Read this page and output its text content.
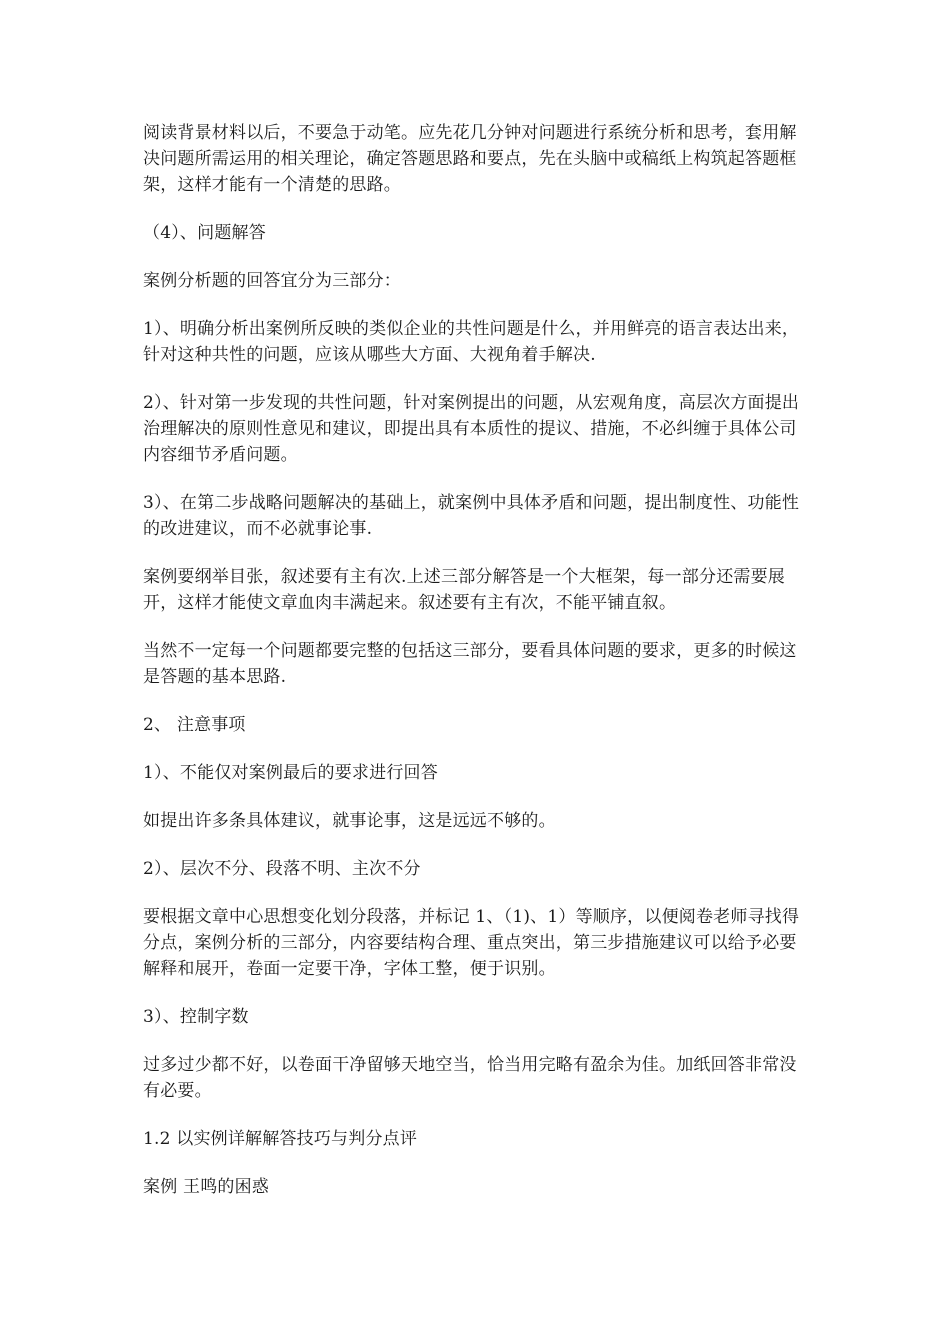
阅读背景材料以后，不要急于动笔。应先花几分钟对问题进行系统分析和思考，套用解决问题所需运用的相关理论，确定答题思路和要点，先在头脑中或稿纸上构筑起答题框架，这样才能有一个清楚的思路。

（4）、问题解答

案例分析题的回答宜分为三部分：

1）、明确分析出案例所反映的类似企业的共性问题是什么，并用鲜亮的语言表达出来，针对这种共性的问题，应该从哪些大方面、大视角着手解决.

2）、针对第一步发现的共性问题，针对案例提出的问题，从宏观角度，高层次方面提出治理解决的原则性意见和建议，即提出具有本质性的提议、措施，不必纠缠于具体公司内容细节矛盾问题。

3）、在第二步战略问题解决的基础上，就案例中具体矛盾和问题，提出制度性、功能性的改进建议，而不必就事论事.

案例要纲举目张，叙述要有主有次.上述三部分解答是一个大框架，每一部分还需要展开，这样才能使文章血肉丰满起来。叙述要有主有次，不能平铺直叙。

当然不一定每一个问题都要完整的包括这三部分，要看具体问题的要求，更多的时候这是答题的基本思路.

2、 注意事项

1）、不能仅对案例最后的要求进行回答

如提出许多条具体建议，就事论事，这是远远不够的。

2）、层次不分、段落不明、主次不分

要根据文章中心思想变化划分段落，并标记 1、（1)、1）等顺序，以便阅卷老师寻找得分点，案例分析的三部分，内容要结构合理、重点突出，第三步措施建议可以给予必要解释和展开，卷面一定要干净，字体工整，便于识别。

3）、控制字数

过多过少都不好，以卷面干净留够天地空当，恰当用完略有盈余为佳。加纸回答非常没有必要。

1.2 以实例详解解答技巧与判分点评

案例 王鸣的困惑
